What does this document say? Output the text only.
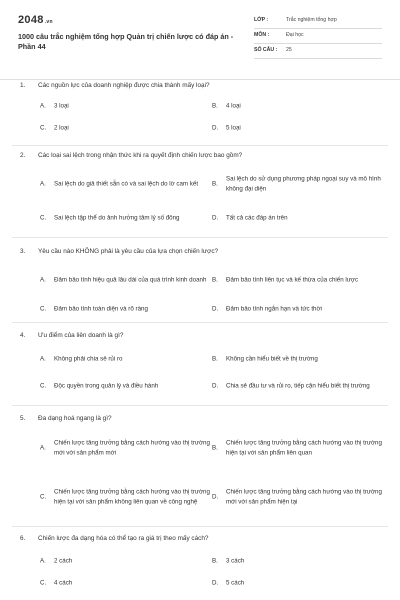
2048.vn
1000 câu trắc nghiệm tổng hợp Quản trị chiến lược có đáp án - Phần 44
LỚP :	Trắc nghiệm tổng hợp
MÔN :	Đại học
SỐ CÂU : 25
1. Các nguồn lực của doanh nghiệp được chia thành mấy loại?
A.	3 loại	B.	4 loại
C.	2 loại	D.	5 loại
2. Các loại sai lệch trong nhận thức khi ra quyết định chiến lược bao gồm?
A.	Sai lệch do giả thiết sẵn có và sai lệch do lờ cam kết	B.
Sai lệch do sử dụng phương pháp ngoại suy và mô hình không đại diện
C.	Sai lệch tập thể do ảnh hưởng tâm lý số đông	D.	Tất cả các đáp án trên
3. Yêu cầu nào KHÔNG phải là yêu cầu của lựa chọn chiến lược?
A.	Đảm bảo tính hiệu quả lâu dài của quá trình kinh doanh B.	Đảm bảo tính liên tục và kế thừa của chiến lược
C.	Đảm bảo tính toàn diện và rõ ràng	D.	Đảm bảo tính ngắn hạn và tức thời
4. Ưu điểm của liên doanh là gì?
A.	Không phải chia sẻ rủi ro	B.	Không cần hiểu biết về thị trường
C.	Độc quyền trong quản lý và điều hành	D.	Chia sẻ đầu tư và rủi ro, tiếp cận hiểu biết thị trường
5. Đa dạng hoá ngang là gì?
A.
Chiến lược tăng trưởng bằng cách hướng vào thị trường mới với sản phẩm mới
B.
Chiến lược tăng trưởng bằng cách hướng vào thị trường hiện tại với sản phẩm liên quan
C.
Chiến lược tăng trưởng bằng cách hướng vào thị trường hiện tại với sản phẩm không liên quan về công nghệ
D.
Chiến lược tăng trưởng bằng cách hướng vào thị trường mới với sản phẩm hiện tại
6. Chiến lược đa dạng hóa có thể tạo ra giá trị theo mấy cách?
A.	2 cách	B.	3 cách
C.	4 cách	D.	5 cách
